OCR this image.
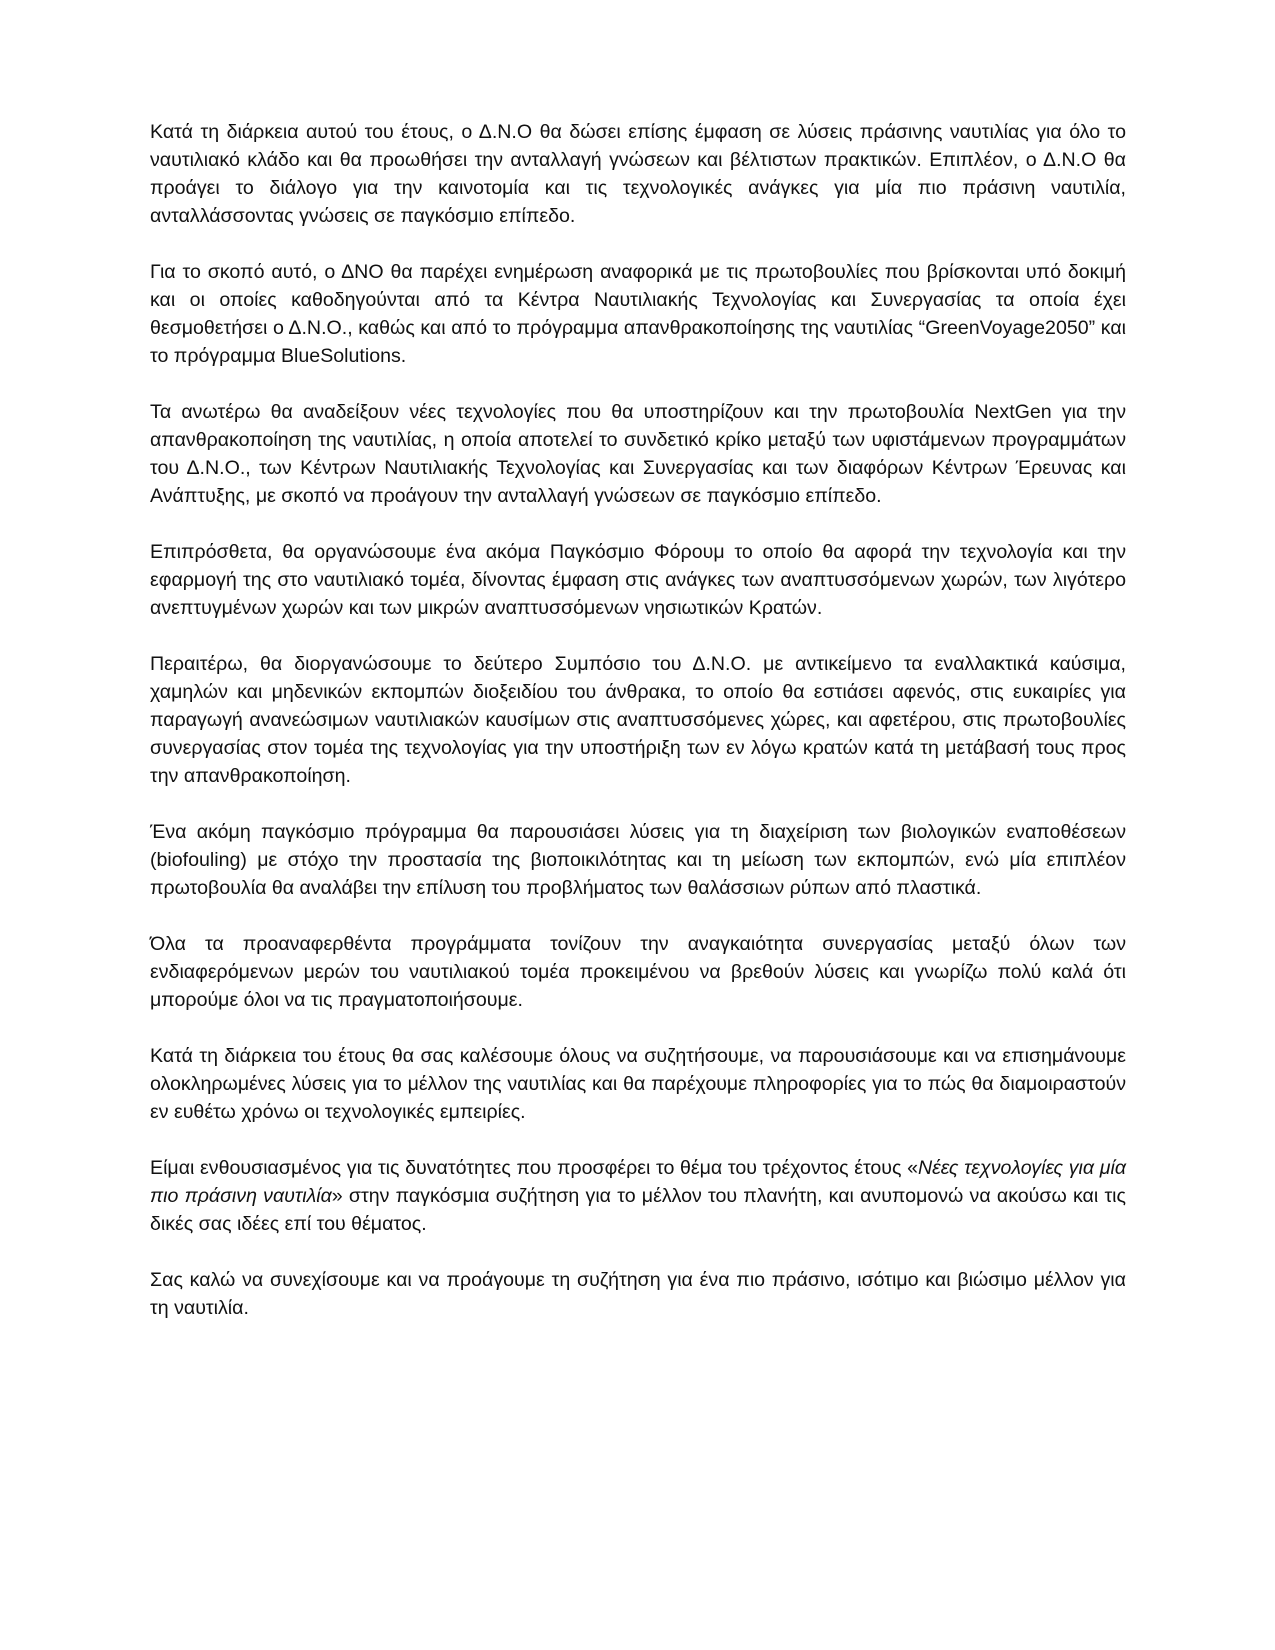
Κατά τη διάρκεια αυτού του έτους, ο Δ.Ν.Ο θα δώσει επίσης έμφαση σε λύσεις πράσινης ναυτιλίας για όλο το ναυτιλιακό κλάδο και θα προωθήσει την ανταλλαγή γνώσεων και βέλτιστων πρακτικών. Επιπλέον, ο Δ.Ν.Ο θα προάγει το διάλογο για την καινοτομία και τις τεχνολογικές ανάγκες για μία πιο πράσινη ναυτιλία, ανταλλάσσοντας γνώσεις σε παγκόσμιο επίπεδο.

Για το σκοπό αυτό, ο ΔΝΟ θα παρέχει ενημέρωση αναφορικά με τις πρωτοβουλίες που βρίσκονται υπό δοκιμή και οι οποίες καθοδηγούνται από τα Κέντρα Ναυτιλιακής Τεχνολογίας και Συνεργασίας τα οποία έχει θεσμοθετήσει ο Δ.Ν.Ο., καθώς και από το πρόγραμμα απανθρακοποίησης της ναυτιλίας “GreenVoyage2050” και το πρόγραμμα BlueSolutions.

Τα ανωτέρω θα αναδείξουν νέες τεχνολογίες που θα υποστηρίζουν και την πρωτοβουλία NextGen για την απανθρακοποίηση της ναυτιλίας, η οποία αποτελεί το συνδετικό κρίκο μεταξύ των υφιστάμενων προγραμμάτων του Δ.Ν.Ο., των Κέντρων Ναυτιλιακής Τεχνολογίας και Συνεργασίας και των διαφόρων Κέντρων Έρευνας και Ανάπτυξης, με σκοπό να προάγουν την ανταλλαγή γνώσεων σε παγκόσμιο επίπεδο.

Επιπρόσθετα, θα οργανώσουμε ένα ακόμα Παγκόσμιο Φόρουμ το οποίο θα αφορά την τεχνολογία και την εφαρμογή της στο ναυτιλιακό τομέα, δίνοντας έμφαση στις ανάγκες των αναπτυσσόμενων χωρών, των λιγότερο ανεπτυγμένων χωρών και των μικρών αναπτυσσόμενων νησιωτικών Κρατών.

Περαιτέρω, θα διοργανώσουμε το δεύτερο Συμπόσιο του Δ.Ν.Ο. με αντικείμενο τα εναλλακτικά καύσιμα, χαμηλών και μηδενικών εκπομπών διοξειδίου του άνθρακα, το οποίο θα εστιάσει αφενός, στις ευκαιρίες για παραγωγή ανανεώσιμων ναυτιλιακών καυσίμων στις αναπτυσσόμενες χώρες, και αφετέρου, στις πρωτοβουλίες συνεργασίας στον τομέα της τεχνολογίας για την υποστήριξη των εν λόγω κρατών κατά τη μετάβασή τους προς την απανθρακοποίηση.

Ένα ακόμη παγκόσμιο πρόγραμμα θα παρουσιάσει λύσεις για τη διαχείριση των βιολογικών εναποθέσεων (biofouling) με στόχο την προστασία της βιοποικιλότητας και τη μείωση των εκπομπών, ενώ μία επιπλέον πρωτοβουλία θα αναλάβει την επίλυση του προβλήματος των θαλάσσιων ρύπων από πλαστικά.

Όλα τα προαναφερθέντα προγράμματα τονίζουν την αναγκαιότητα συνεργασίας μεταξύ όλων των ενδιαφερόμενων μερών του ναυτιλιακού τομέα προκειμένου να βρεθούν λύσεις και γνωρίζω πολύ καλά ότι μπορούμε όλοι να τις πραγματοποιήσουμε.

Κατά τη διάρκεια του έτους θα σας καλέσουμε όλους να συζητήσουμε, να παρουσιάσουμε και να επισημάνουμε ολοκληρωμένες λύσεις για το μέλλον της ναυτιλίας και θα παρέχουμε πληροφορίες για το πώς θα διαμοιραστούν εν ευθέτω χρόνω οι τεχνολογικές εμπειρίες.

Είμαι ενθουσιασμένος για τις δυνατότητες που προσφέρει το θέμα του τρέχοντος έτους «Νέες τεχνολογίες για μία πιο πράσινη ναυτιλία» στην παγκόσμια συζήτηση για το μέλλον του πλανήτη, και ανυπομονώ να ακούσω και τις δικές σας ιδέες επί του θέματος.

Σας καλώ να συνεχίσουμε και να προάγουμε τη συζήτηση για ένα πιο πράσινο, ισότιμο και βιώσιμο μέλλον για τη ναυτιλία.
